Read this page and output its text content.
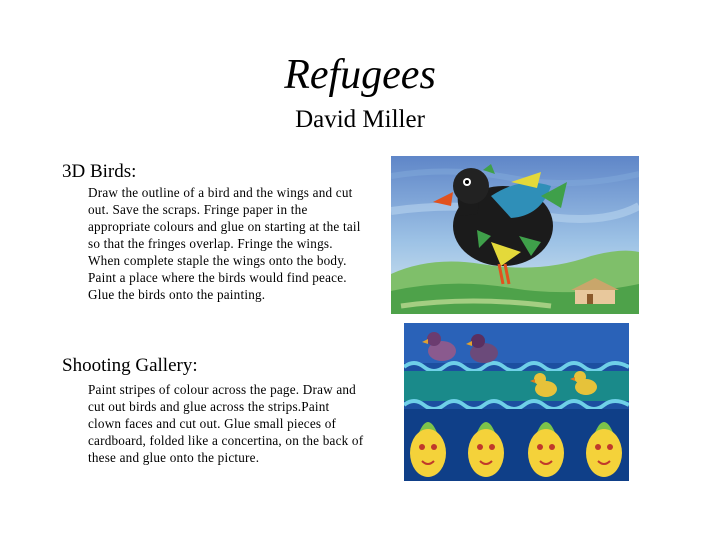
Refugees
David Miller
3D Birds:
Draw the outline of a bird and the wings and cut out. Save the scraps. Fringe paper in the appropriate colours and glue on starting at the tail so that the fringes overlap. Fringe the wings. When complete staple the wings onto the body. Paint a place where the birds would find peace. Glue the birds onto the painting.
Shooting Gallery:
Paint stripes of colour across the page. Draw and cut out birds and glue across the strips.Paint clown faces and cut out. Glue small pieces of cardboard, folded like a concertina, on the back of these and glue onto the picture.
